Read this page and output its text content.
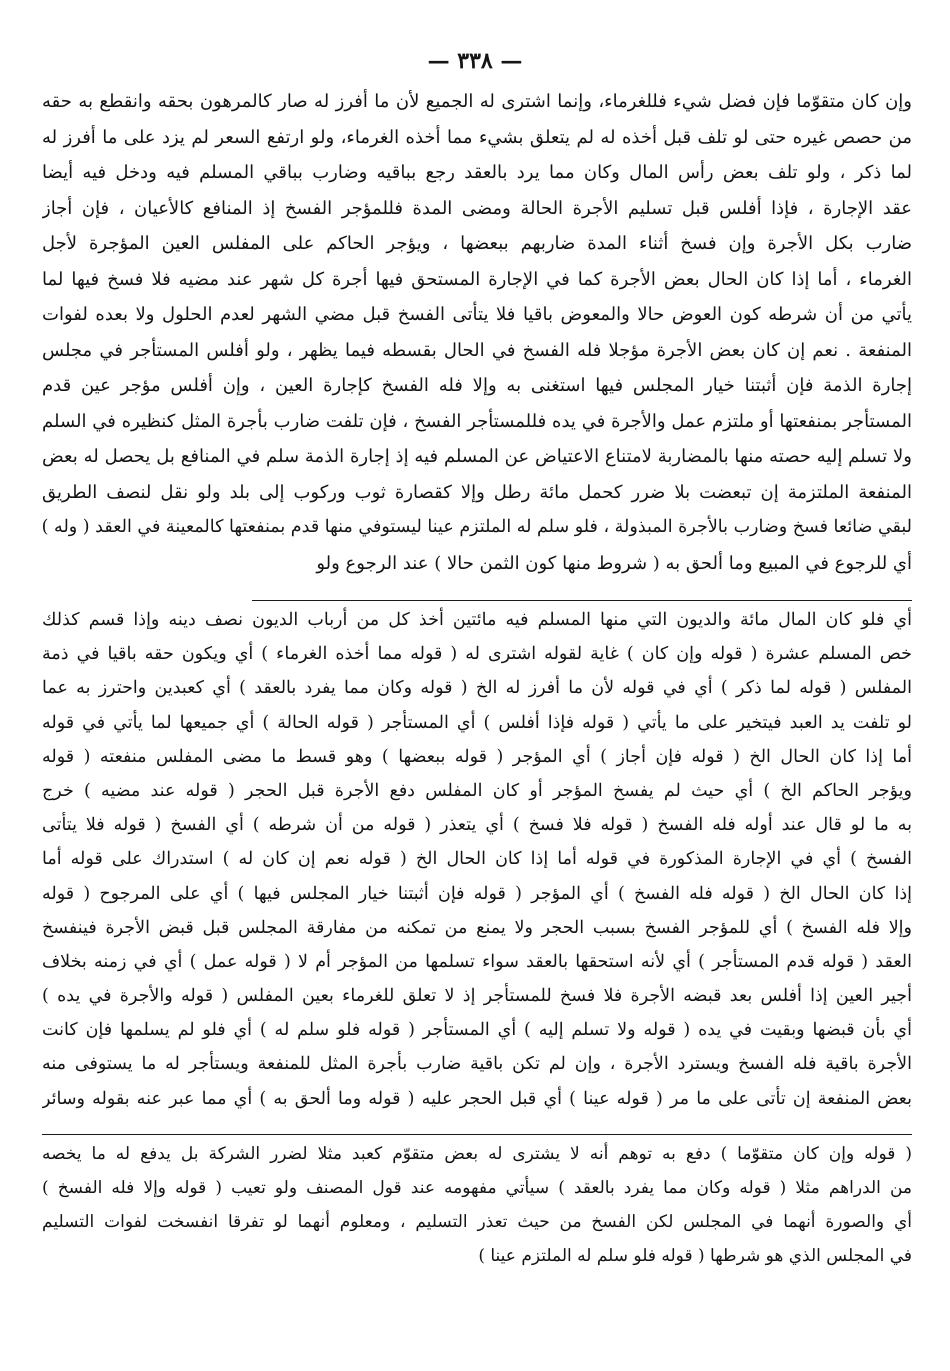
— ٣٣٨ —
وإن كان متقوّما فإن فضل شيء فللغرماء، وإنما اشترى له الجميع لأن ما أفرز له صار كالمرهون بحقه وانقطع به حقه
من حصص غيره حتى لو تلف قبل أخذه له لم يتعلق بشيء مما أخذه الغرماء، ولو ارتفع السعر لم يزد على ما أفرز له
لما ذكر ، ولو تلف بعض رأس المال وكان مما يرد بالعقد رجع بباقيه وضارب بباقي المسلم فيه ودخل فيه أيضا
عقد الإجارة ، فإذا أفلس قبل تسليم الأجرة الحالة ومضى المدة فللمؤجر الفسخ إذ المنافع كالأعيان ، فإن أجاز
ضارب بكل الأجرة وإن فسخ أثناء المدة ضاربهم ببعضها ، ويؤجر الحاكم على المفلس العين المؤجرة لأجل
الغرماء ، أما إذا كان الحال بعض الأجرة كما في الإجارة المستحق فيها أجرة كل شهر عند مضيه فلا فسخ فيها لما
يأتي من أن شرطه كون العوض حالا والمعوض باقيا فلا يتأتى الفسخ قبل مضي الشهر لعدم الحلول ولا بعده لفوات
المنفعة . نعم إن كان بعض الأجرة مؤجلا فله الفسخ في الحال بقسطه فيما يظهر ، ولو أفلس المستأجر في مجلس
إجارة الذمة فإن أثبتنا خيار المجلس فيها استغنى به وإلا فله الفسخ كإجارة العين ، وإن أفلس مؤجر عين قدم
المستأجر بمنفعتها أو ملتزم عمل والأجرة في يده فللمستأجر الفسخ ، فإن تلفت ضارب بأجرة المثل كنظيره في السلم
ولا تسلم إليه حصته منها بالمضاربة لامتناع الاعتياض عن المسلم فيه إذ إجارة الذمة سلم في المنافع بل يحصل له بعض
المنفعة الملتزمة إن تبعضت بلا ضرر كحمل مائة رطل وإلا كقصارة ثوب وركوب إلى بلد ولو نقل لنصف الطريق
لبقي ضائعا فسخ وضارب بالأجرة المبذولة ، فلو سلم له الملتزم عينا ليستوفي منها قدم بمنفعتها كالمعينة في العقد ( وله )
أي للرجوع في المبيع وما ألحق به ( شروط منها كون الثمن حالا ) عند الرجوع ولو
أي فلو كان المال مائة والديون التي منها المسلم فيه مائتين أخذ كل من أرباب الديون نصف دينه وإذا قسم كذلك
خص المسلم عشرة ( قوله وإن كان ) غاية لقوله اشترى له ( قوله مما أخذه الغرماء ) أي ويكون حقه باقيا في ذمة
المفلس ( قوله لما ذكر ) أي في قوله لأن ما أفرز له الخ ( قوله وكان مما يفرد بالعقد ) أي كعبدين واحترز به عما
لو تلفت يد العبد فيتخير على ما يأتي ( قوله فإذا أفلس ) أي المستأجر ( قوله الحالة ) أي جميعها لما يأتي في قوله
أما إذا كان الحال الخ ( قوله فإن أجاز ) أي المؤجر ( قوله ببعضها ) وهو قسط ما مضى المفلس منفعته ( قوله
ويؤجر الحاكم الخ ) أي حيث لم يفسخ المؤجر أو كان المفلس دفع الأجرة قبل الحجر ( قوله عند مضيه ) خرج
به ما لو قال عند أوله فله الفسخ ( قوله فلا فسخ ) أي يتعذر ( قوله من أن شرطه ) أي الفسخ ( قوله فلا يتأتى
الفسخ ) أي في الإجارة المذكورة في قوله أما إذا كان الحال الخ ( قوله نعم إن كان له ) استدراك على قوله أما
إذا كان الحال الخ ( قوله فله الفسخ ) أي المؤجر ( قوله فإن أثبتنا خيار المجلس فيها ) أي على المرجوح ( قوله
وإلا فله الفسخ ) أي للمؤجر الفسخ بسبب الحجر ولا يمنع من تمكنه من مفارقة المجلس قبل قبض الأجرة فينفسخ
العقد ( قوله قدم المستأجر ) أي لأنه استحقها بالعقد سواء تسلمها من المؤجر أم لا ( قوله عمل ) أي في زمنه بخلاف
أجير العين إذا أفلس بعد قبضه الأجرة فلا فسخ للمستأجر إذ لا تعلق للغرماء بعين المفلس ( قوله والأجرة في يده )
أي بأن قبضها وبقيت في يده ( قوله ولا تسلم إليه ) أي المستأجر ( قوله فلو سلم له ) أي فلو لم يسلمها فإن كانت
الأجرة باقية فله الفسخ ويسترد الأجرة ، وإن لم تكن باقية ضارب بأجرة المثل للمنفعة ويستأجر له ما يستوفى منه
بعض المنفعة إن تأتى على ما مر ( قوله عينا ) أي قبل الحجر عليه ( قوله وما ألحق به ) أي مما عبر عنه بقوله وسائر
( قوله وإن كان متقوّما ) دفع به توهم أنه لا يشترى له بعض متقوّم كعبد مثلا لضرر الشركة بل يدفع له ما يخصه
من الدراهم مثلا ( قوله وكان مما يفرد بالعقد ) سيأتي مفهومه عند قول المصنف ولو تعيب ( قوله وإلا فله الفسخ )
أي والصورة أنهما في المجلس لكن الفسخ من حيث تعذر التسليم ، ومعلوم أنهما لو تفرقا انفسخت لفوات التسليم
في المجلس الذي هو شرطها ( قوله فلو سلم له الملتزم عينا )
